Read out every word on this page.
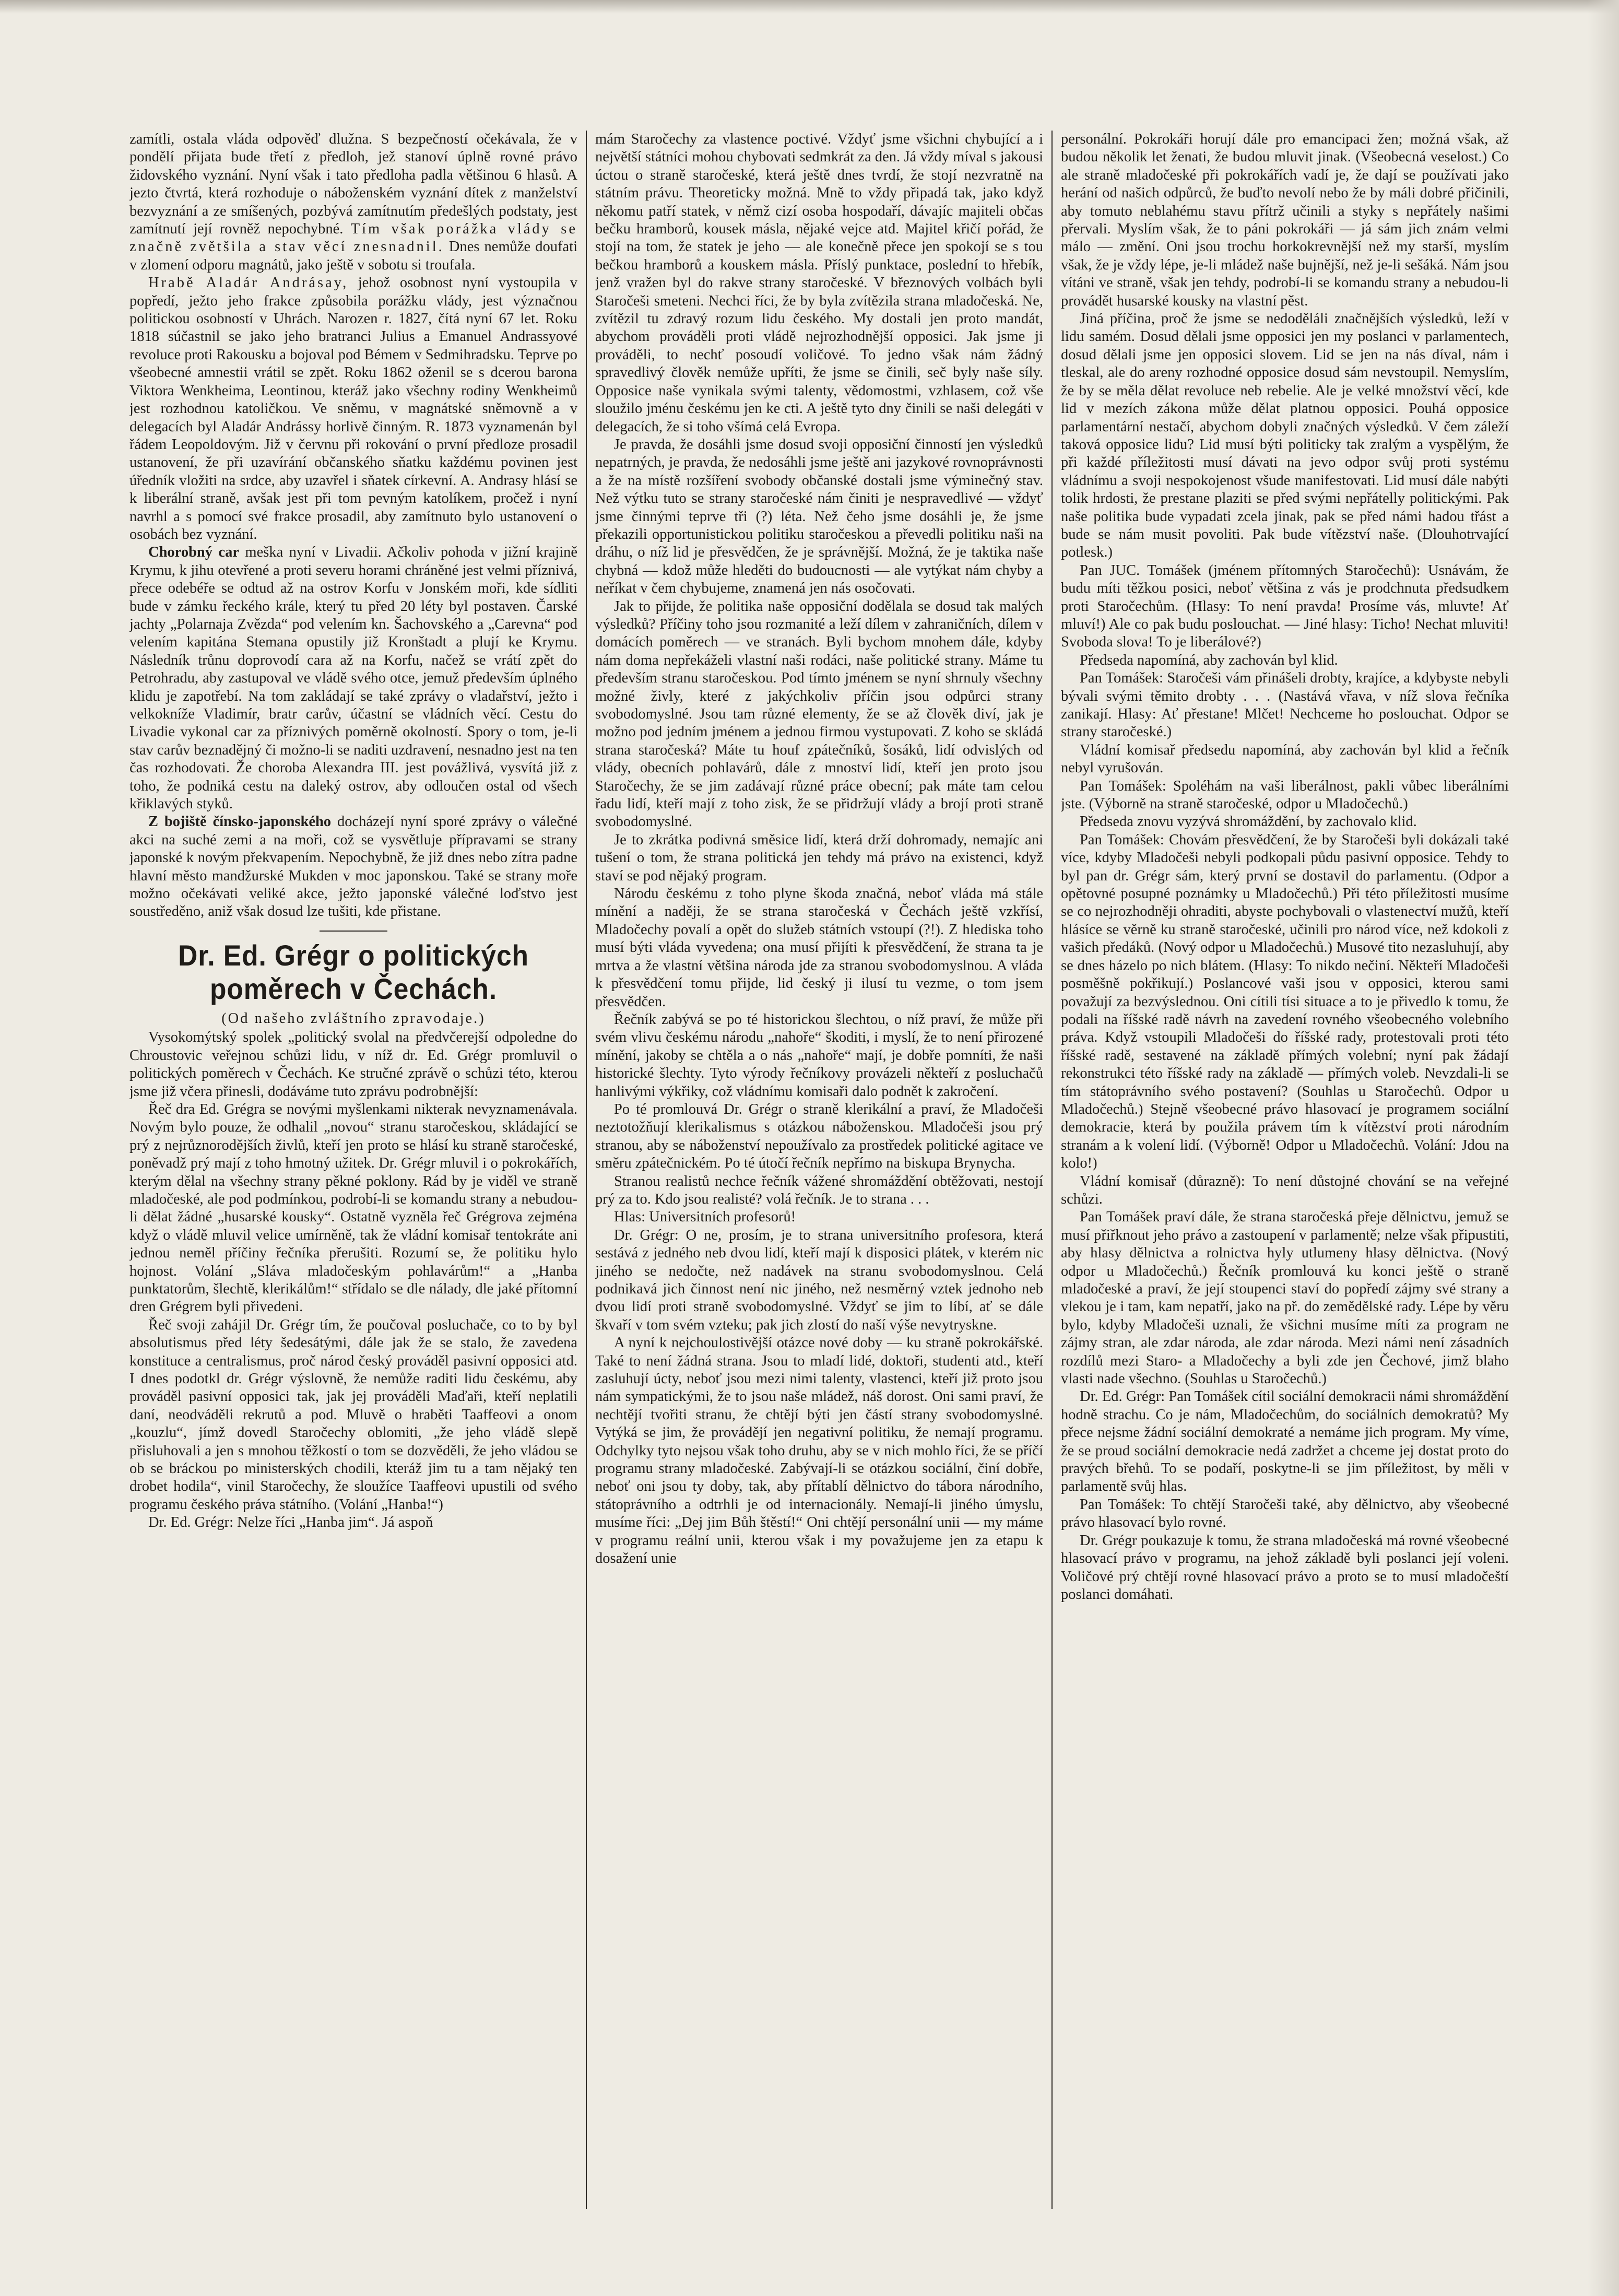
zamítli, ostala vláda odpověď dlužna. S bezpečností očekávala, že v pondělí přijata bude třetí z předloh, jež stanoví úplně rovné právo židovského vyznání. Nyní však i tato předloha padla většinou 6 hlasů. A jezto čtvrtá, která rozhoduje o náboženském vyznání dítek z manželství bezvyznání a ze smíšených, pozbývá zamítnutím předešlých podstaty, jest zamítnutí její rovněž nepochybné. Tím však porážka vlády se značně zvětšila a stav věcí znesnadnil. Dnes nemůže doufati v zlomení odporu magnátů, jako ještě v sobotu si troufala.

Hrabě Aladár Andrásay, jehož osobnost nyní vystoupila v popředí, ježto jeho frakce způsobila porážku vlády, jest význačnou politickou osobností v Uhrách. Narozen r. 1827, čítá nyní 67 let. Roku 1818 súčastnil se jako jeho bratranci Julius a Emanuel Andrassyové revoluce proti Rakousku a bojoval pod Bémem v Sedmihradsku. Teprve po všeobecné amnestii vrátil se zpět. Roku 1862 oženil se s dcerou barona Viktora Wenkheima, Leontinou, kteráž jako všechny rodiny Wenkheimů jest rozhodnou katoličkou. Ve sněmu, v magnátské sněmovně a v delegacích byl Aladár Andrássy horlivě činným. R. 1873 vyznamenán byl řádem Leopoldovým. Již v červnu při rokování o první předloze prosadil ustanovení, že při uzavírání občanského sňatku každému povinen jest úředník vložiti na srdce, aby uzavřel i sňatek církevní. A. Andrasy hlásí se k liberální straně, avšak jest při tom pevným katolíkem, pročež i nyní navrhl a s pomocí své frakce prosadil, aby zamítnuto bylo ustanovení o osobách bez vyznání.

Chorobný car meška nyní v Livadii. Ačkoliv pohoda v jižní krajině Krymu, k jihu otevřené a proti severu horami chráněné jest velmi příznivá, přece odebéře se odtud až na ostrov Korfu v Jonském moři, kde sídliti bude v zámku řeckého krále, který tu před 20 léty byl postaven. Čarské jachty „Polarnaja Zvězda“ pod velením kn. Šachovského a „Carevna“ pod velením kapitána Stemana opustily již Kronštadt a plují ke Krymu. Následník trůnu doprovodí cara až na Korfu, načež se vrátí zpět do Petrohradu, aby zastupoval ve vládě svého otce, jemuž především úplného klidu je zapotřebí. Na tom zakládají se také zprávy o vladařství, ježto i velkokníže Vladimír, bratr carův, účastní se vládních věcí. Cestu do Livadie vykonal car za příznivých poměrně okolností. Spory o tom, je-li stav carův beznadějný či možno-li se naditi uzdravení, nesnadno jest na ten čas rozhodovati. Že choroba Alexandra III. jest povážlivá, vysvítá již z toho, že podniká cestu na daleký ostrov, aby odloučen ostal od všech křiklavých styků.

Z bojiště čínsko-japonského docházejí nyní sporé zprávy o válečné akci na suché zemi a na moři, což se vysvětluje přípravami se strany japonské k novým překvapením. Nepochybně, že již dnes nebo zítra padne hlavní město mandžurské Mukden v moc japonskou. Také se strany moře možno očekávati veliké akce, ježto japonské válečné loďstvo jest soustředěno, aniž však dosud lze tušiti, kde přistane.

Dr. Ed. Grégr o politických poměrech v Čechách.

(Od našeho zvláštního zpravodaje.)

Vysokomýtský spolek „politický svolal na předvčerejší odpoledne do Chroustovic veřejnou schůzi lidu, v níž dr. Ed. Grégr promluvil o politických poměrech v Čechách. Ke stručné zprávě o schůzi této, kterou jsme již včera přinesli, dodáváme tuto zprávu podrobnější:

Řeč dra Ed. Grégra se novými myšlenkami nikterak nevyznamenávala. Novým bylo pouze, že odhalil „novou“ stranu staročeskou, skládající se prý z nejrůznorodějších živlů, kteří jen proto se hlásí ku straně staročeské, poněvadž prý mají z toho hmotný užitek. Dr. Grégr mluvil i o pokrokářích, kterým dělal na všechny strany pěkné poklony. Rád by je viděl ve straně mladočeské, ale pod podmínkou, podrobí-li se komandu strany a nebudou-li dělat žádné „husarské kousky“. Ostatně vyzněla řeč Grégrova zejména když o vládě mluvil velice umírněně, tak že vládní komisař tentokráte ani jednou neměl příčiny řečníka přerušiti. Rozumí se, že politiku hylo hojnost. Volání „Sláva mladočeským pohlavárům!“ a „Hanba punktatorům, šlechtě, klerikálům!“ střídalo se dle nálady, dle jaké přítomní dren Grégrem byli přivedeni.

Řeč svoji zahájil Dr. Grégr tím, že poučoval posluchače, co to by byl absolutismus před léty šedesátými, dále jak že se stalo, že zavedena konstituce a centralismus, proč národ český prováděl pasivní opposici atd. I dnes podotkl dr. Grégr výslovně, že nemůže raditi lidu českému, aby prováděl pasivní opposici tak, jak jej prováděli Maďaři, kteří neplatili daní, neodváděli rekrutů a pod. Mluvě o hraběti Taaffeovi a onom „kouzlu“, jímž dovedl Staročechy oblomiti, „že jeho vládě slepě přisluhovali a jen s mnohou těžkostí o tom se dozvěděli, že jeho vládou se ob se bráckou po ministerských chodili, kteráž jim tu a tam nějaký ten drobet hodila“, vinil Staročechy, že sloužíce Taaffeovi upustili od svého programu českého práva státního. (Volání „Hanba!“)

Dr. Ed. Grégr: Nelze říci „Hanba jim“. Já aspoň

mám Staročechy za vlastence poctivé. Vždyť jsme všichni chybující a i největší státníci mohou chybovati sedmkrát za den. Já vždy míval s jakousi úctou o straně staročeské, která ještě dnes tvrdí, že stojí nezvratně na státním právu. Theoreticky možná. Mně to vždy připadá tak, jako když někomu patří statek, v němž cizí osoba hospodaří, dávajíc majiteli občas bečku hramborů, kousek másla, nějaké vejce atd. Majitel křičí pořád, že stojí na tom, že statek je jeho — ale konečně přece jen spokojí se s tou bečkou hramborů a kouskem másla. Příslý punktace, poslední to hřebík, jenž vražen byl do rakve strany staročeské. V březnových volbách byli Staročeši smeteni. Nechci říci, že by byla zvítězila strana mladočeská. Ne, zvítězil tu zdravý rozum lidu českého. My dostali jen proto mandát, abychom prováděli proti vládě nejrozhodnější opposici. Jak jsme ji prováděli, to nechť posoudí voličové. To jedno však nám žádný spravedlivý člověk nemůže upříti, že jsme se činili, seč byly naše síly. Opposice naše vynikala svými talenty, vědomostmi, vzhlasem, což vše sloužilo jménu českému jen ke cti. A ještě tyto dny činili se naši delegáti v delegacích, že si toho všímá celá Evropa.

Je pravda, že dosáhli jsme dosud svoji opposiční činností jen výsledků nepatrných, je pravda, že nedosáhli jsme ještě ani jazykové rovnoprávnosti a že na místě rozšíření svobody občanské dostali jsme výminečný stav. Než výtku tuto se strany staročeské nám činiti je nespravedlivé — vždyť jsme činnými teprve tři (?) léta. Než čeho jsme dosáhli je, že jsme překazili opportunistickou politiku staročeskou a převedli politiku naši na dráhu, o níž lid je přesvědčen, že je správnější. Možná, že je taktika naše chybná — kdož může hleděti do budoucnosti — ale vytýkat nám chyby a neříkat v čem chybujeme, znamená jen nás osočovati.

Jak to přijde, že politika naše opposiční dodělala se dosud tak malých výsledků? Příčiny toho jsou rozmanité a leží dílem v zahraničních, dílem v domácích poměrech — ve stranách. Byli bychom mnohem dále, kdyby nám doma nepřekáželi vlastní naši rodáci, naše politické strany. Máme tu především stranu staročeskou. Pod tímto jménem se nyní shrnuly všechny možné živly, které z jakýchkoliv příčin jsou odpůrci strany svobodomyslné. Jsou tam různé elementy, že se až člověk diví, jak je možno pod jedním jménem a jednou firmou vystupovati. Z koho se skládá strana staročeská? Máte tu houf zpátečníků, šosáků, lidí odvislých od vlády, obecních pohlavárů, dále z mnoství lidí, kteří jen proto jsou Staročechy, že se jim zadávají různé práce obecní; pak máte tam celou řadu lidí, kteří mají z toho zisk, že se přidržují vlády a brojí proti straně svobodomyslné.

Je to zkrátka podivná směsice lidí, která drží dohromady, nemajíc ani tušení o tom, že strana politická jen tehdy má právo na existenci, když staví se pod nějaký program.

Národu českému z toho plyne škoda značná, neboť vláda má stále mínění a naději, že se strana staročeská v Čechách ještě vzkřísí, Mladočechy povalí a opět do služeb státních vstoupí (?!). Z hlediska toho musí býti vláda vyvedena; ona musí přijíti k přesvědčení, že strana ta je mrtva a že vlastní většina národa jde za stranou svobodomyslnou. A vláda k přesvědčení tomu přijde, lid český ji ilusí tu vezme, o tom jsem přesvědčen.

Řečník zabývá se po té historickou šlechtou, o níž praví, že může při svém vlivu českému národu „nahoře“ škoditi, i myslí, že to není přirozené mínění, jakoby se chtěla a o nás „nahoře“ mají, je dobře pomníti, že naši historické šlechty. Tyto výrody řečníkovy provázeli někteří z posluchačů hanlivými výkřiky, což vládnímu komisaři dalo podnět k zakročení.

Po té promlouvá Dr. Grégr o straně klerikální a praví, že Mladočeši neztotožňují klerikalismus s otázkou náboženskou. Mladočeši jsou prý stranou, aby se náboženství nepoužívalo za prostředek politické agitace ve směru zpátečnickém. Po té útočí řečník nepřímo na biskupa Brynycha.

Stranou realistů nechce řečník vážené shromáždění obtěžovati, nestojí prý za to. Kdo jsou realisté? volá řečník. Je to strana . . .

Hlas: Universitních profesorů!

Dr. Grégr: O ne, prosím, je to strana universitního profesora, která sestává z jedného neb dvou lidí, kteří mají k disposici plátek, v kterém nic jiného se nedočte, než nadávek na stranu svobodomyslnou. Celá podnikavá jich činnost není nic jiného, než nesměrný vztek jednoho neb dvou lidí proti straně svobodomyslné. Vždyť se jim to líbí, ať se dále škvaří v tom svém vzteku; pak jich zlostí do naší výše nevytryskne.

A nyní k nejchoulostivější otázce nové doby — ku straně pokrokářské. Také to není žádná strana. Jsou to mladí lidé, doktoři, studenti atd., kteří zasluhují úcty, neboť jsou mezi nimi talenty, vlastenci, kteří již proto jsou nám sympatickými, že to jsou naše mládež, náš dorost. Oni sami praví, že nechtějí tvořiti stranu, že chtějí býti jen částí strany svobodomyslné. Vytýká se jim, že provádějí jen negativní politiku, že nemají programu. Odchylky tyto nejsou však toho druhu, aby se v nich mohlo říci, že se příčí programu strany mladočeské. Zabývají-li se otázkou sociální, činí dobře, neboť oni jsou ty doby, tak, aby přítablí dělnictvo do tábora národního, státoprávního a odtrhli je od internacionály. Nemají-li jiného úmyslu, musíme říci: „Dej jim Bůh štěstí!“ Oni chtějí personální unii — my máme v programu reální unii, kterou však i my považujeme jen za etapu k dosažení unie

personální. Pokrokáři horují dále pro emancipaci žen; možná však, až budou několik let ženati, že budou mluvit jinak. (Všeobecná veselost.) Co ale straně mladočeské při pokrokářích vadí je, že dají se používati jako herání od našich odpůrců, že buďto nevolí nebo že by máli dobré přičinili, aby tomuto neblahému stavu přítrž učinili a styky s nepřátely našimi přervali. Myslím však, že to páni pokrokáři — já sám jich znám velmi málo — změní. Oni jsou trochu horkokrevnější než my starší, myslím však, že je vždy lépe, je-li mládež naše bujnější, než je-li sešáká. Nám jsou vítáni ve straně, však jen tehdy, podrobí-li se komandu strany a nebudou-li provádět husarské kousky na vlastní pěst.

Jiná příčina, proč že jsme se nedoděláli značnějších výsledků, leží v lidu samém. Dosud dělali jsme opposici jen my poslanci v parlamentech, dosud dělali jsme jen opposici slovem. Lid se jen na nás díval, nám i tleskal, ale do areny rozhodné opposice dosud sám nevstoupil. Nemyslím, že by se měla dělat revoluce neb rebelie. Ale je velké množství věcí, kde lid v mezích zákona může dělat platnou opposici. Pouhá opposice parlamentární nestačí, abychom dobyli značných výsledků. V čem záleží taková opposice lidu? Lid musí býti politicky tak zralým a vyspělým, že při každé příležitosti musí dávati na jevo odpor svůj proti systému vládnímu a svoji nespokojenost všude manifestovati. Lid musí dále nabýti tolik hrdosti, že prestane plaziti se před svými nepřátelly politickými. Pak naše politika bude vypadati zcela jinak, pak se před námi hadou třást a bude se nám musit povoliti. Pak bude vítězství naše. (Dlouhotrvající potlesk.)

Pan JUC. Tomášek (jménem přítomných Staročechů): Usnávám, že budu míti těžkou posici, neboť většina z vás je prodchnuta předsudkem proti Staročechům. (Hlasy: To není pravda! Prosíme vás, mluvte! Ať mluví!) Ale co pak budu poslouchat. — Jiné hlasy: Ticho! Nechat mluviti! Svoboda slova! To je liberálové?)

Předseda napomíná, aby zachován byl klid.

Pan Tomášek: Staročeši vám přinášeli drobty, krajíce, a kdybyste nebyli bývali svými těmito drobty . . . (Nastává vřava, v níž slova řečníka zanikají. Hlasy: Ať přestane! Mlčet! Nechceme ho poslouchat. Odpor se strany staročeské.)

Vládní komisař předsedu napomíná, aby zachován byl klid a řečník nebyl vyrušován.

Pan Tomášek: Spoléhám na vaši liberálnost, pakli vůbec liberálními jste. (Výborně na straně staročeské, odpor u Mladočechů.)

Předseda znovu vyzývá shromáždění, by zachovalo klid.

Pan Tomášek: Chovám přesvědčení, že by Staročeši byli dokázali také více, kdyby Mladočeši nebyli podkopali půdu pasivní opposice. Tehdy to byl pan dr. Grégr sám, který první se dostavil do parlamentu. (Odpor a opětovné posupné poznámky u Mladočechů.) Při této příležitosti musíme se co nejrozhodněji ohraditi, abyste pochybovali o vlastenectví mužů, kteří hlásíce se věrně ku straně staročeské, učinili pro národ více, než kdokoli z vašich předáků. (Nový odpor u Mladočechů.) Musové tito nezasluhují, aby se dnes házelo po nich blátem. (Hlasy: To nikdo nečiní. Někteří Mladočeši posměšně pokřikují.) Poslancové vaši jsou v opposici, kterou sami považují za bezvýslednou. Oni cítili tísi situace a to je přivedlo k tomu, že podali na říšské radě návrh na zavedení rovného všeobecného volebního práva. Když vstoupili Mladočeši do říšské rady, protestovali proti této říšské radě, sestavené na základě přímých volební; nyní pak žádají rekonstrukci této říšské rady na základě — přímých voleb. Nevzdali-li se tím státoprávního svého postavení? (Souhlas u Staročechů. Odpor u Mladočechů.) Stejně všeobecné právo hlasovací je programem sociální demokracie, která by použila právem tím k vítězství proti národním stranám a k volení lidí. (Výborně! Odpor u Mladočechů. Volání: Jdou na kolo!)

Vládní komisař (důrazně): To není důstojné chování se na veřejné schůzi.

Pan Tomášek praví dále, že strana staročeská přeje dělnictvu, jemuž se musí přiřknout jeho právo a zastoupení v parlamentě; nelze však připustiti, aby hlasy dělnictva a rolnictva hyly utlumeny hlasy dělnictva. (Nový odpor u Mladočechů.) Řečník promlouvá ku konci ještě o straně mladočeské a praví, že její stoupenci staví do popředí zájmy své strany a vlekou je i tam, kam nepatří, jako na př. do zemědělské rady. Lépe by věru bylo, kdyby Mladočeši uznali, že všichni musíme míti za program ne zájmy stran, ale zdar národa, ale zdar národa. Mezi námi není zásadních rozdílů mezi Staro- a Mladočechy a byli zde jen Čechové, jimž blaho vlasti nade všechno. (Souhlas u Staročechů.)

Dr. Ed. Grégr: Pan Tomášek cítil sociální demokracii námi shromáždění hodně strachu. Co je nám, Mladočechům, do sociálních demokratů? My přece nejsme žádní sociální demokraté a nemáme jich program. My víme, že se proud sociální demokracie nedá zadržet a chceme jej dostat proto do pravých břehů. To se podaří, poskytne-li se jim příležitost, by měli v parlamentě svůj hlas.

Pan Tomášek: To chtějí Staročeši také, aby dělnictvo, aby všeobecné právo hlasovací bylo rovné.

Dr. Grégr poukazuje k tomu, že strana mladočeská má rovné všeobecné hlasovací právo v programu, na jehož základě byli poslanci její voleni. Voličové prý chtějí rovné hlasovací právo a proto se to musí mladočeští poslanci domáhati.
